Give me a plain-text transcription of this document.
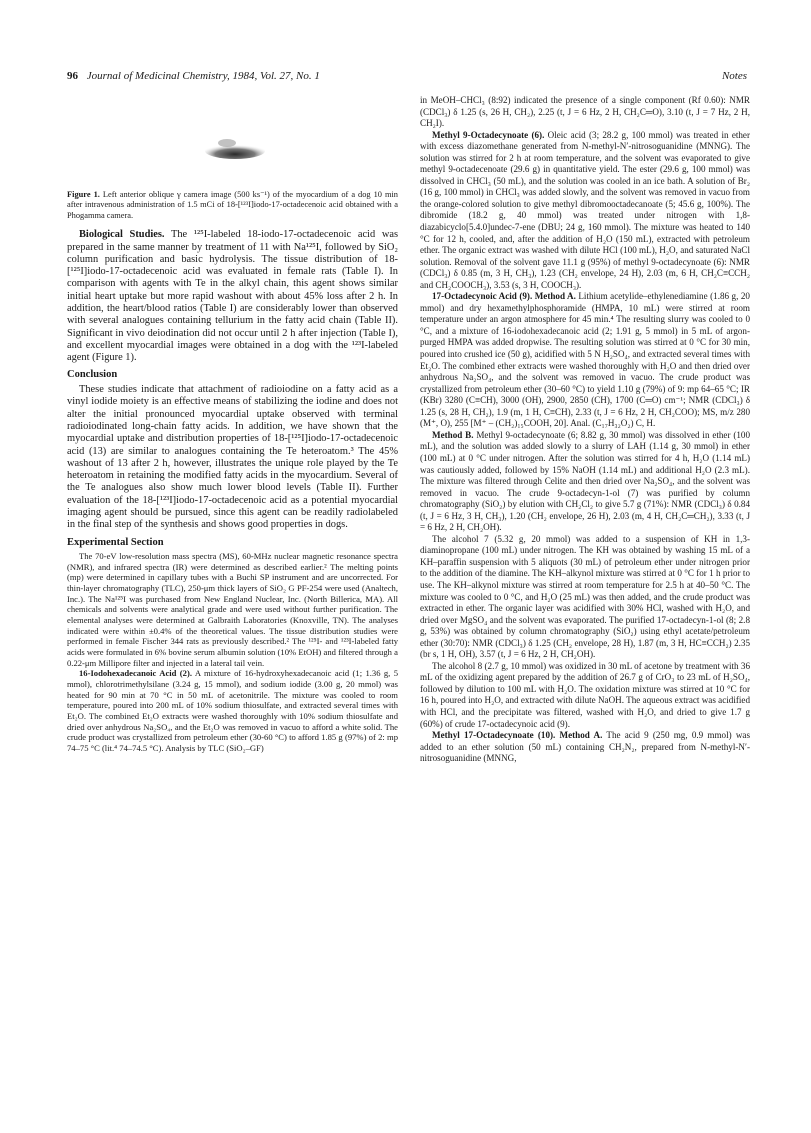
96 Journal of Medicinal Chemistry, 1984, Vol. 27, No. 1	Notes

Figure 1. Left anterior oblique γ camera image (500 ks⁻¹) of the myocardium of a dog 10 min after intravenous administration of 1.5 mCi of 18-[¹²³I]iodo-17-octadecenoic acid obtained with a Phogamma camera.

Biological Studies. The ¹²⁵I-labeled 18-iodo-17-octadecenoic acid was prepared in the same manner by treatment of 11 with Na¹²⁵I, followed by SiO₂ column purification and basic hydrolysis. The tissue distribution of 18-[¹²⁵I]iodo-17-octadecenoic acid was evaluated in female rats (Table I). In comparison with agents with Te in the alkyl chain, this agent shows similar initial heart uptake but more rapid washout with about 45% loss after 2 h. In addition, the heart/blood ratios (Table I) are considerably lower than observed with several analogues containing tellurium in the fatty acid chain (Table II). Significant in vivo deiodination did not occur until 2 h after injection (Table I), and excellent myocardial images were obtained in a dog with the ¹²³I-labeled agent (Figure 1).

Conclusion

These studies indicate that attachment of radioiodine on a fatty acid as a vinyl iodide moiety is an effective means of stabilizing the iodine and does not alter the initial pronounced myocardial uptake observed with terminal radioiodinated long-chain fatty acids. In addition, we have shown that the myocardial uptake and distribution properties of 18-[¹²⁵I]iodo-17-octadecenoic acid (13) are similar to analogues containing the Te heteroatom.³ The 45% washout of 13 after 2 h, however, illustrates the unique role played by the Te heteroatom in retaining the modified fatty acids in the myocardium. Several of the Te analogues also show much lower blood levels (Table II). Further evaluation of the 18-[¹²³I]iodo-17-octadecenoic acid as a potential myocardial imaging agent should be pursued, since this agent can be readily radiolabeled in the final step of the synthesis and shows good properties in dogs.

Experimental Section

The 70-eV low-resolution mass spectra (MS), 60-MHz nuclear magnetic resonance spectra (NMR), and infrared spectra (IR) were determined as described earlier.² The melting points (mp) were determined in capillary tubes with a Buchi SP instrument and are uncorrected. For thin-layer chromatography (TLC), 250-μm thick layers of SiO₂ G PF-254 were used (Analtech, Inc.). The Na¹²⁵I was purchased from New England Nuclear, Inc. (North Billerica, MA). All chemicals and solvents were analytical grade and were used without further purification. The elemental analyses were determined at Galbraith Laboratories (Knoxville, TN). The analyses indicated were within ±0.4% of the theoretical values. The tissue distribution studies were performed in female Fischer 344 rats as previously described.² The ¹²⁵I- and ¹²³I-labeled fatty acids were formulated in 6% bovine serum albumin solution (10% EtOH) and filtered through a 0.22-μm Millipore filter and injected in a lateral tail vein.

16-Iodohexadecanoic Acid (2). A mixture of 16-hydroxyhexadecanoic acid (1; 1.36 g, 5 mmol), chlorotrimethylsilane (3.24 g, 15 mmol), and sodium iodide (3.00 g, 20 mmol) was heated for 90 min at 70 °C in 50 mL of acetonitrile. The mixture was cooled to room temperature, poured into 200 mL of 10% sodium thiosulfate, and extracted several times with Et₂O. The combined Et₂O extracts were washed thoroughly with 10% sodium thiosulfate and dried over anhydrous Na₂SO₄, and the Et₂O was removed in vacuo to afford a white solid. The crude product was crystallized from petroleum ether (30-60 °C) to afford 1.85 g (97%) of 2: mp 74–75 °C (lit.⁴ 74–74.5 °C). Analysis by TLC (SiO₂–GF)

in MeOH–CHCl₃ (8:92) indicated the presence of a single component (Rf 0.60): NMR (CDCl₃) δ 1.25 (s, 26 H, CH₂), 2.25 (t, J = 6 Hz, 2 H, CH₂C═O), 3.10 (t, J = 7 Hz, 2 H, CH₂I).

Methyl 9-Octadecynoate (6). Oleic acid (3; 28.2 g, 100 mmol) was treated in ether with excess diazomethane generated from N-methyl-N′-nitrosoguanidine (MNNG). The solution was stirred for 2 h at room temperature, and the solvent was evaporated to give methyl 9-octadecenoate (29.6 g) in quantitative yield. The ester (29.6 g, 100 mmol) was dissolved in CHCl₃ (50 mL), and the solution was cooled in an ice bath. A solution of Br₂ (16 g, 100 mmol) in CHCl₃ was added slowly, and the solvent was removed in vacuo from the orange-colored solution to give methyl dibromooctadecanoate (5; 45.6 g, 100%). The dibromide (18.2 g, 40 mmol) was treated under nitrogen with 1,8-diazabicyclo[5.4.0]undec-7-ene (DBU; 24 g, 160 mmol). The mixture was heated to 140 °C for 12 h, cooled, and, after the addition of H₂O (150 mL), extracted with petroleum ether. The organic extract was washed with dilute HCl (100 mL), H₂O, and saturated NaCl solution. Removal of the solvent gave 11.1 g (95%) of methyl 9-octadecynoate (6): NMR (CDCl₃) δ 0.85 (m, 3 H, CH₃), 1.23 (CH₂ envelope, 24 H), 2.03 (m, 6 H, CH₂C≡CCH₂ and CH₂COOCH₃), 3.53 (s, 3 H, COOCH₃).

17-Octadecynoic Acid (9). Method A. Lithium acetylide–ethylenediamine (1.86 g, 20 mmol) and dry hexamethylphosphoramide (HMPA, 10 mL) were stirred at room temperature under an argon atmosphere for 45 min.⁴ The resulting slurry was cooled to 0 °C, and a mixture of 16-iodohexadecanoic acid (2; 1.91 g, 5 mmol) in 5 mL of argon-purged HMPA was added dropwise. The resulting solution was stirred at 0 °C for 30 min, poured into crushed ice (50 g), acidified with 5 N H₂SO₄, and extracted several times with Et₂O. The combined ether extracts were washed thoroughly with H₂O and then dried over anhydrous Na₂SO₄, and the solvent was removed in vacuo. The crude product was crystallized from petroleum ether (30–60 °C) to yield 1.10 g (79%) of 9: mp 64–65 °C; IR (KBr) 3280 (C≡CH), 3000 (OH), 2900, 2850 (CH), 1700 (C═O) cm⁻¹; NMR (CDCl₃) δ 1.25 (s, 28 H, CH₂), 1.9 (m, 1 H, C≡CH), 2.33 (t, J = 6 Hz, 2 H, CH₂COO); MS, m/z 280 (M⁺, O), 255 [M⁺ – (CH₂)₁₅COOH, 20]. Anal. (C₁₇H₃₂O₂) C, H.

Method B. Methyl 9-octadecynoate (6; 8.82 g, 30 mmol) was dissolved in ether (100 mL), and the solution was added slowly to a slurry of LAH (1.14 g, 30 mmol) in ether (100 mL) at 0 °C under nitrogen. After the solution was stirred for 4 h, H₂O (1.14 mL) was cautiously added, followed by 15% NaOH (1.14 mL) and additional H₂O (2.3 mL). The mixture was filtered through Celite and then dried over Na₂SO₄, and the solvent was removed in vacuo. The crude 9-octadecyn-1-ol (7) was purified by column chromatography (SiO₂) by elution with CH₂Cl₂ to give 5.7 g (71%): NMR (CDCl₃) δ 0.84 (t, J = 6 Hz, 3 H, CH₃), 1.20 (CH₂ envelope, 26 H), 2.03 (m, 4 H, CH₂C═CH₂), 3.33 (t, J = 6 Hz, 2 H, CH₂OH).

The alcohol 7 (5.32 g, 20 mmol) was added to a suspension of KH in 1,3-diaminopropane (100 mL) under nitrogen. The KH was obtained by washing 15 mL of a KH–paraffin suspension with 5 aliquots (30 mL) of petroleum ether under nitrogen prior to the addition of the diamine. The KH–alkynol mixture was stirred at 0 °C for 1 h prior to use. The KH–alkynol mixture was stirred at room temperature for 2.5 h at 40–50 °C. The mixture was cooled to 0 °C, and H₂O (25 mL) was then added, and the crude product was extracted in ether. The organic layer was acidified with 30% HCl, washed with H₂O, and dried over MgSO₄ and the solvent was evaporated. The purified 17-octadecyn-1-ol (8; 2.8 g, 53%) was obtained by column chromatography (SiO₂) using ethyl acetate/petroleum ether (30:70): NMR (CDCl₃) δ 1.25 (CH₂ envelope, 28 H), 1.87 (m, 3 H, HC≡CCH₂) 2.35 (br s, 1 H, OH), 3.57 (t, J = 6 Hz, 2 H, CH₂OH).

The alcohol 8 (2.7 g, 10 mmol) was oxidized in 30 mL of acetone by treatment with 36 mL of the oxidizing agent prepared by the addition of 26.7 g of CrO₃ to 23 mL of H₂SO₄, followed by dilution to 100 mL with H₂O. The oxidation mixture was stirred at 10 °C for 16 h, poured into H₂O, and extracted with dilute NaOH. The aqueous extract was acidified with HCl, and the precipitate was filtered, washed with H₂O, and dried to give 1.7 g (60%) of crude 17-octadecynoic acid (9).

Methyl 17-Octadecynoate (10). Method A. The acid 9 (250 mg, 0.9 mmol) was added to an ether solution (50 mL) containing CH₂N₂, prepared from N-methyl-N′-nitrosoguanidine (MNNG,
